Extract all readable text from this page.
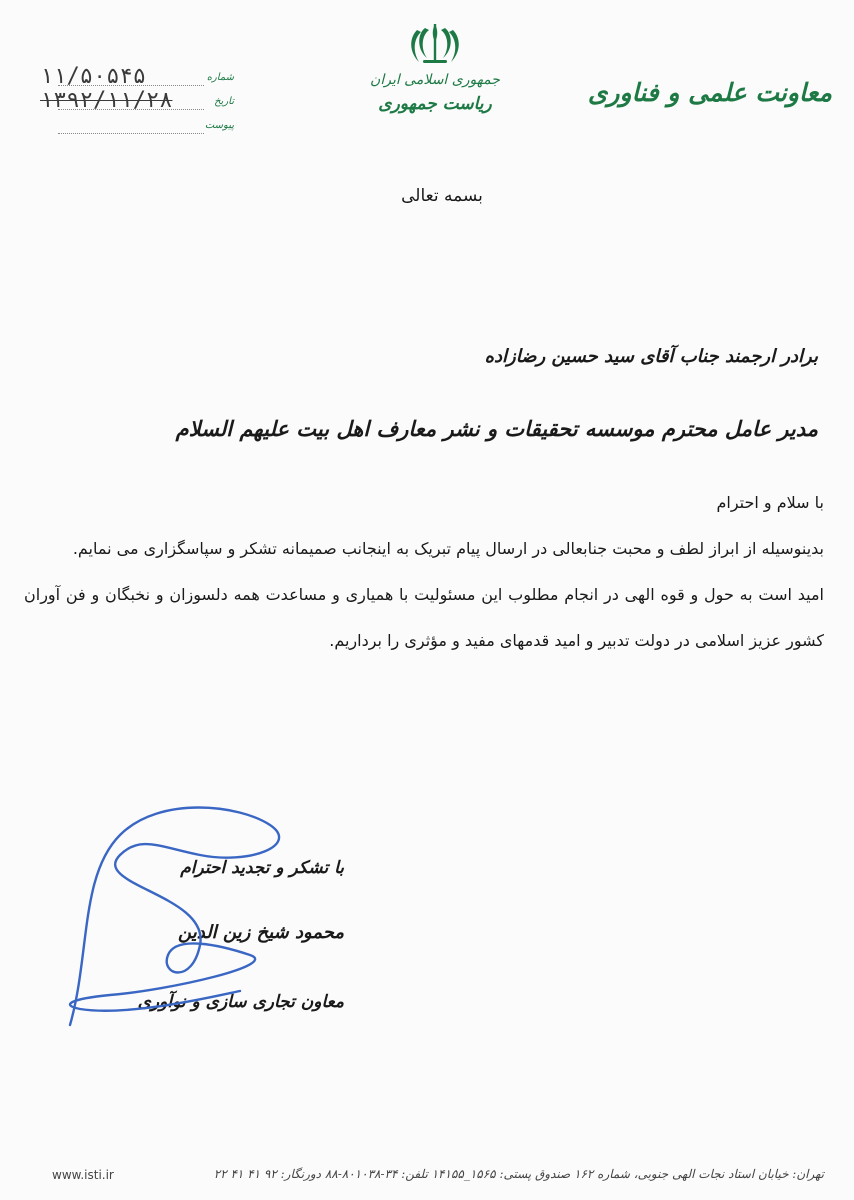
معاونت علمی و فناوری
جمهوری اسلامی ایران
ریاست جمهوری
شماره
۱۱/۵۰۵۴۵
تاریخ
۱۳۹۲/۱۱/۲۸
پیوست
بسمه تعالی
برادر ارجمند جناب آقای سید حسین رضازاده
مدیر عامل محترم موسسه تحقیقات و نشر معارف اهل بیت علیهم السلام

با سلام و احترام

بدینوسیله از ابراز لطف و محبت جنابعالی در ارسال پیام تبریک به اینجانب صمیمانه تشکر و سپاسگزاری می نمایم.

امید است به حول و قوه الهی در انجام مطلوب این مسئولیت با همیاری و مساعدت همه دلسوزان و نخبگان و فن آوران کشور عزیز اسلامی در دولت تدبیر و امید قدمهای مفید و مؤثری را برداریم.

با تشکر و تجدید احترام
محمود شیخ زین الدین
معاون تجاری سازی و نوآوری
تهران: خیابان استاد نجات الهی جنوبی، شماره ۱۶۲ صندوق پستی: ۱۵۶۵_۱۴۱۵۵ تلفن: ۳۴-۸۰۱۰۳۸-۸۸ دورنگار: ۹۲ ۴۱ ۴۱ ۲۲
www.isti.ir
